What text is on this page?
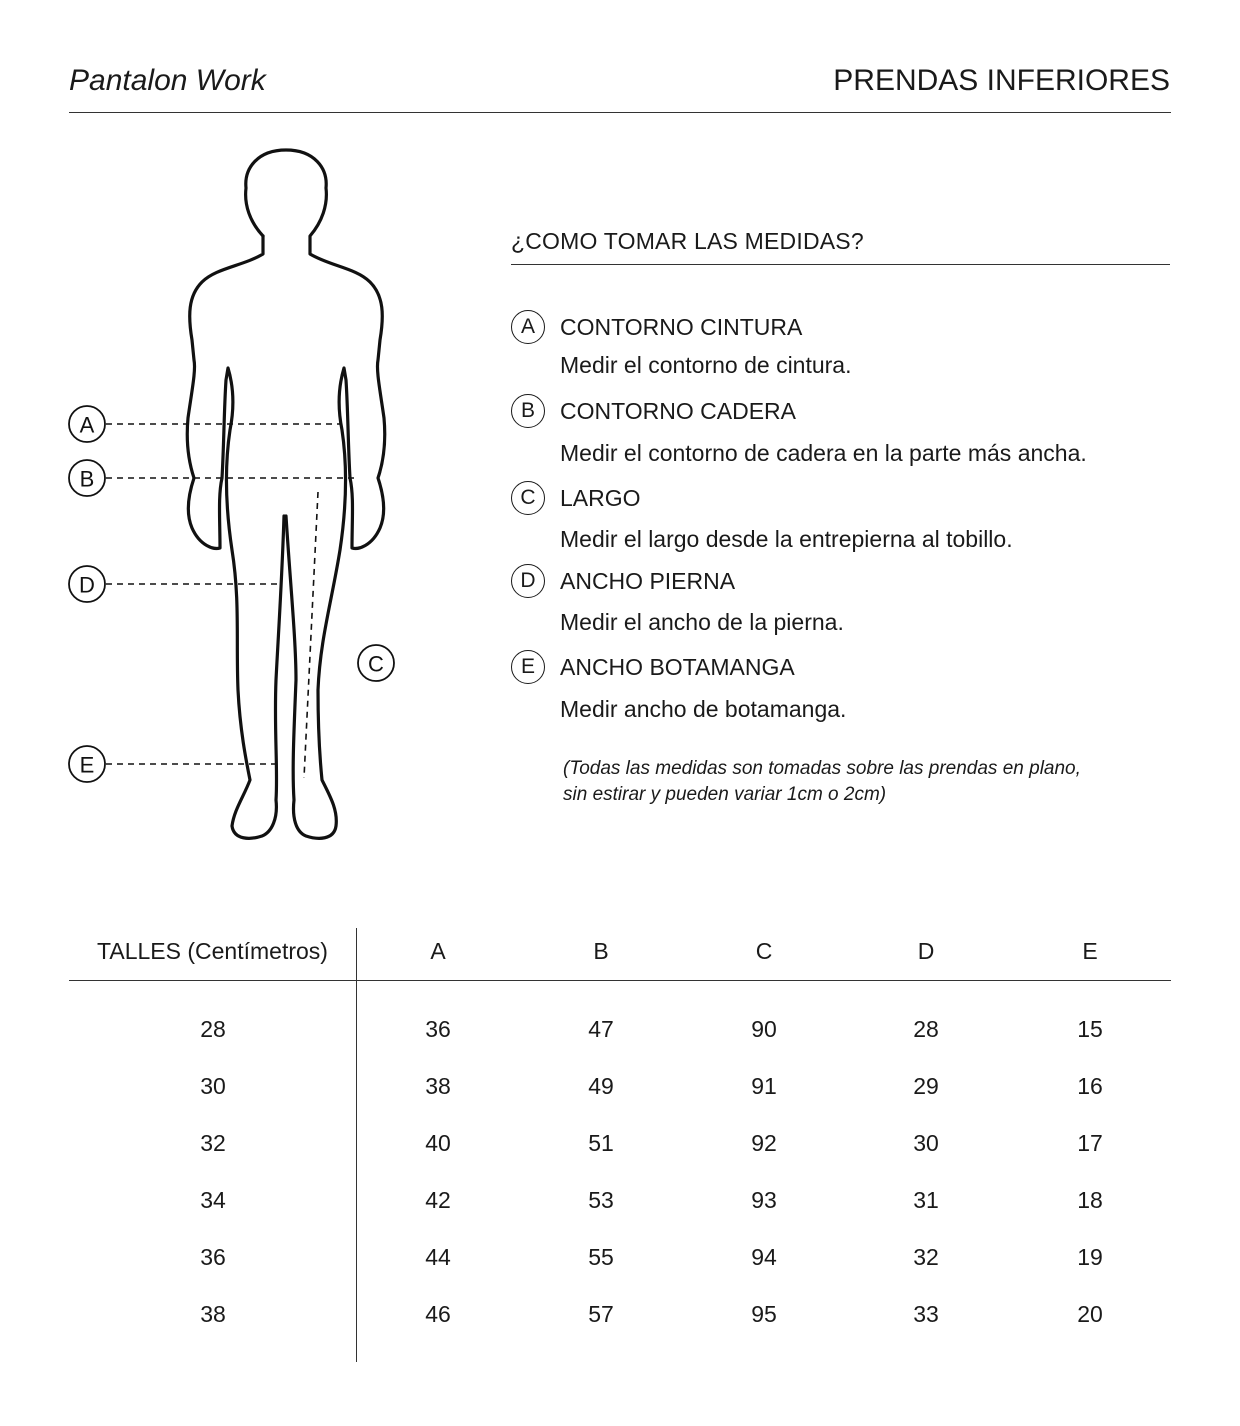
Pantalon Work	PRENDAS INFERIORES
A
B
D
E
C
¿COMO TOMAR LAS MEDIDAS?
A	CONTORNO CINTURA
Medir el contorno de cintura.
B	CONTORNO CADERA
Medir el contorno de cadera en la parte más ancha.
C	LARGO
Medir el largo desde la entrepierna al tobillo.
D	ANCHO PIERNA
Medir el ancho de la pierna.
E	ANCHO BOTAMANGA
Medir ancho de botamanga.
(Todas las medidas son tomadas sobre las prendas en plano,
sin estirar y pueden variar 1cm o 2cm)
TALLES (Centímetros)	A	B	C	D	E
28	36	47	90	28	15
30	38	49	91	29	16
32	40	51	92	30	17
34	42	53	93	31	18
36	44	55	94	32	19
38	46	57	95	33	20
